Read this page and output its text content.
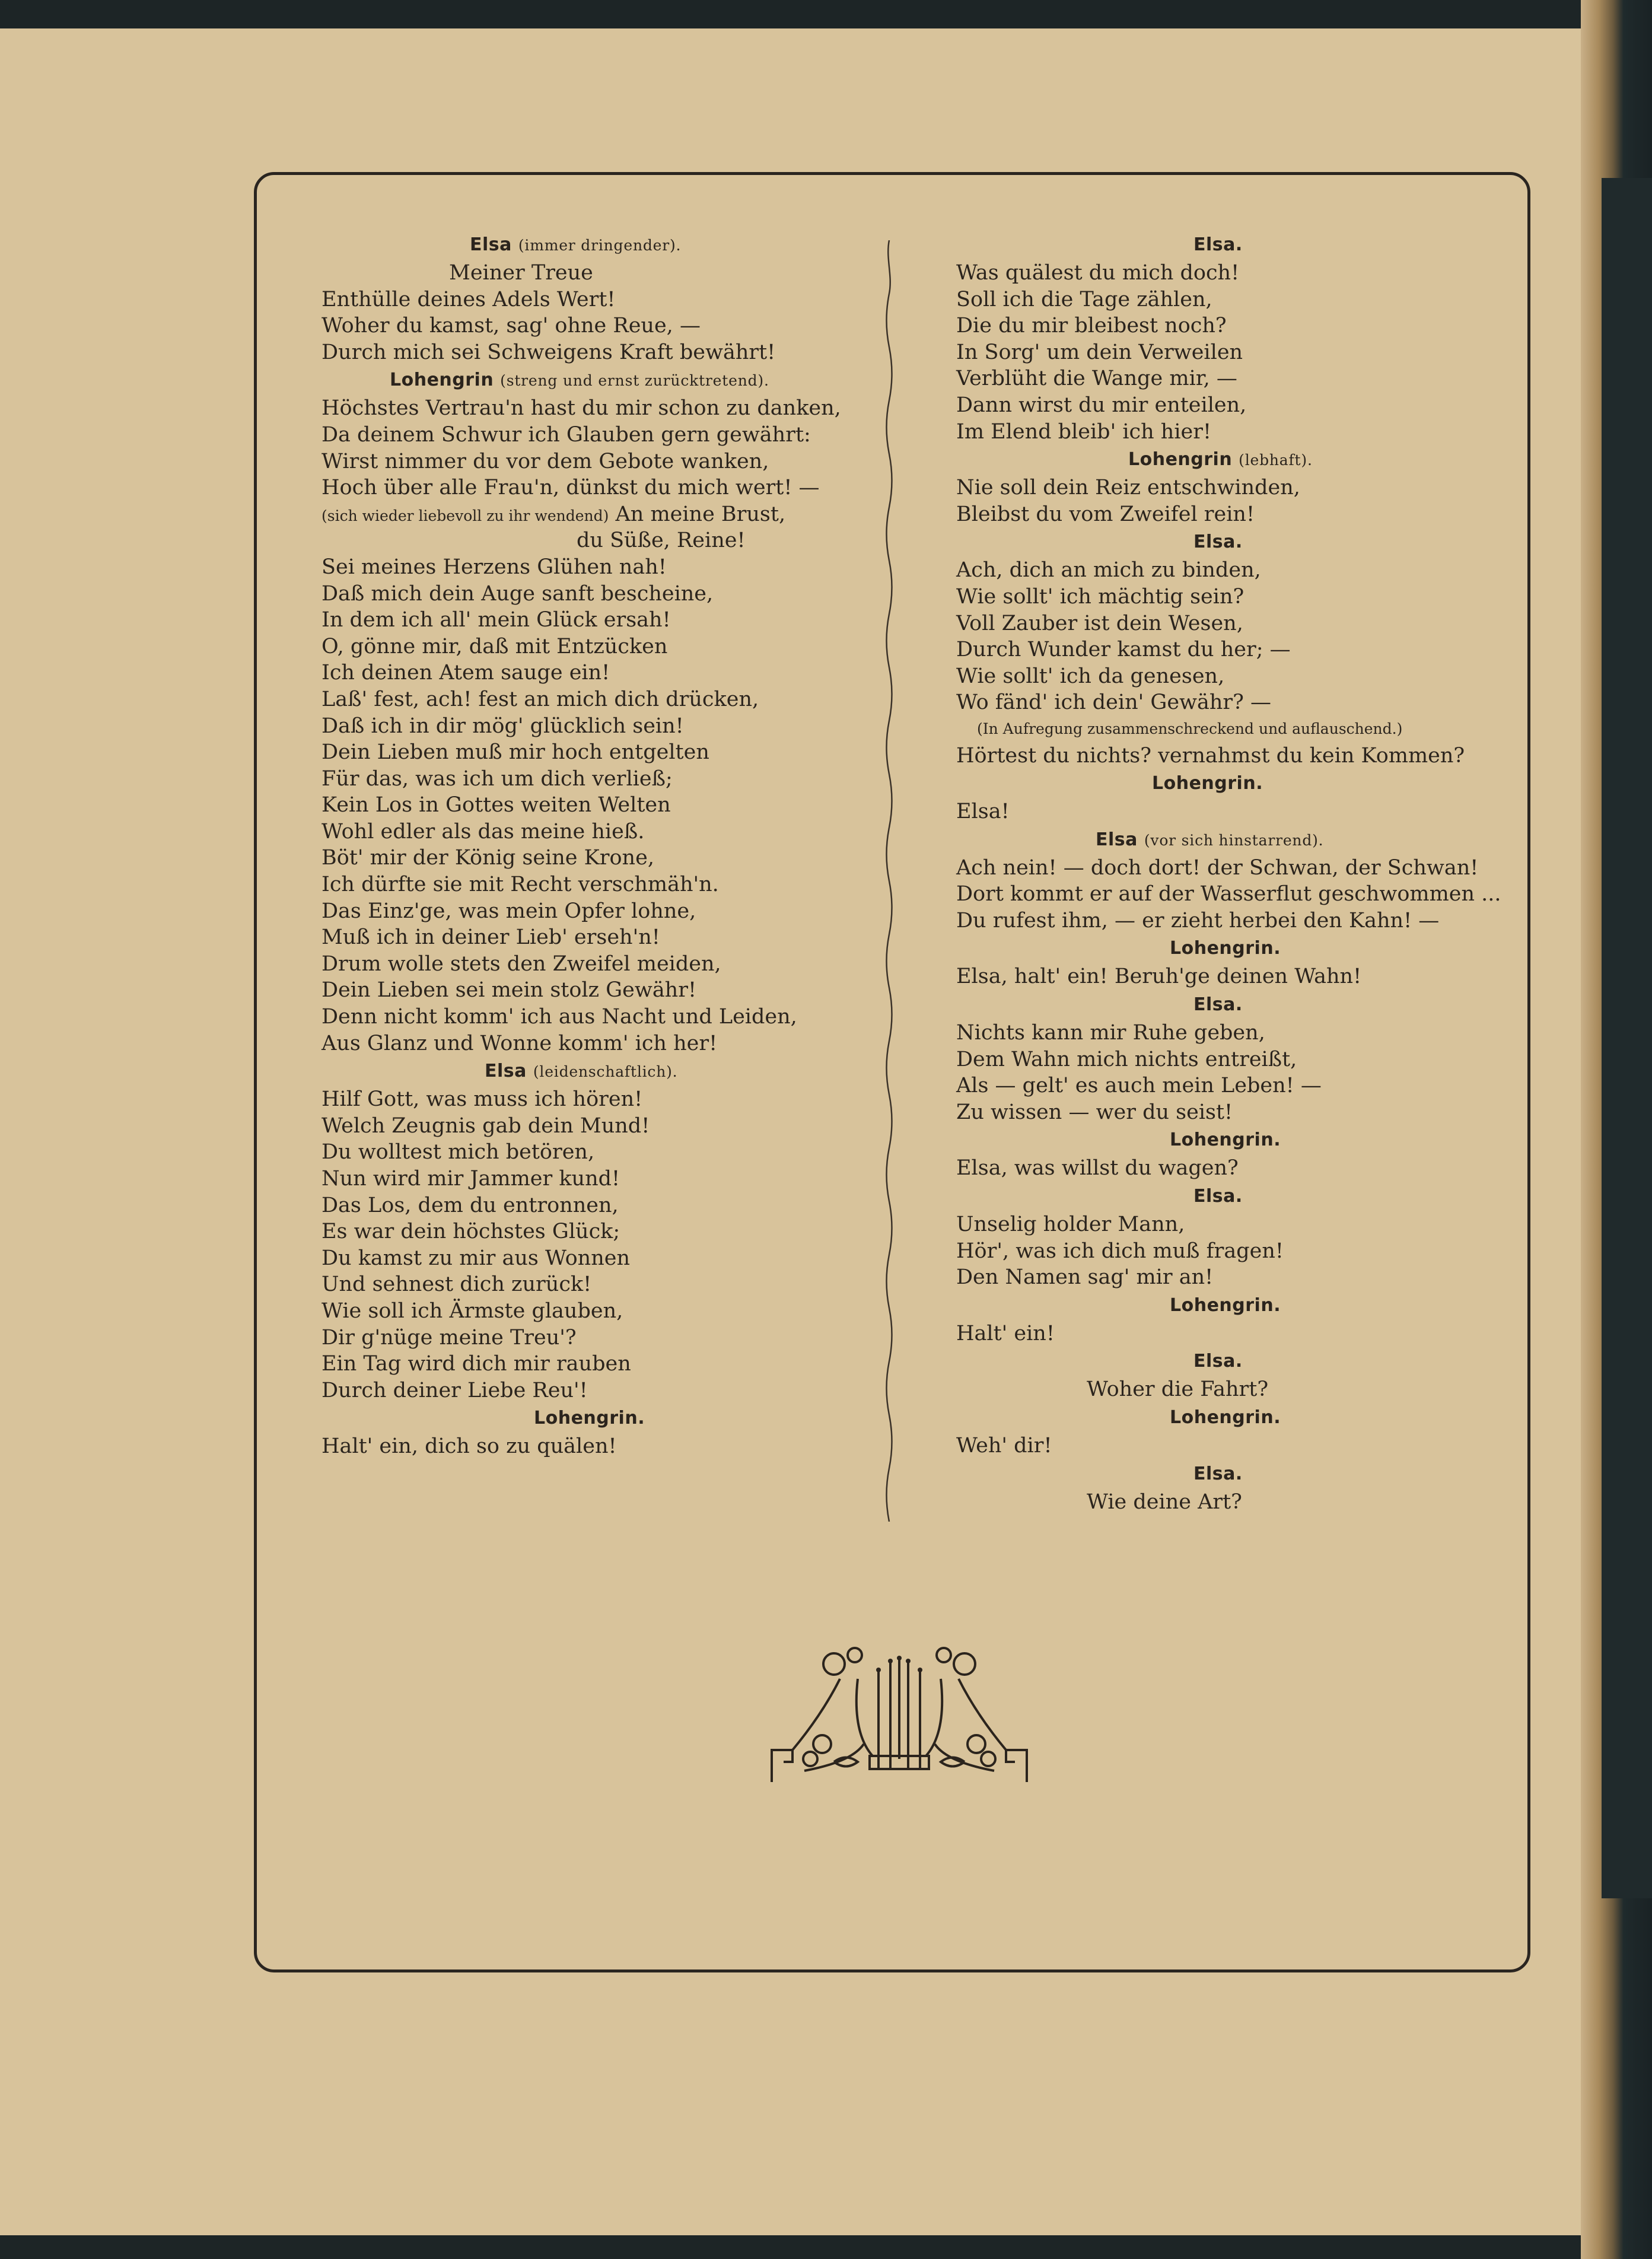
Elsa (immer dringender).
Meiner Treue
Enthülle deines Adels Wert!
Woher du kamst, sag' ohne Reue, —
Durch mich sei Schweigens Kraft bewährt!
Lohengrin (streng und ernst zurücktretend).
Höchstes Vertrau'n hast du mir schon zu danken,
Da deinem Schwur ich Glauben gern gewährt:
Wirst nimmer du vor dem Gebote wanken,
Hoch über alle Frau'n, dünkst du mich wert! —
(sich wieder liebevoll zu ihr wendend) An meine Brust,
du Süße, Reine!
Sei meines Herzens Glühen nah!
Daß mich dein Auge sanft bescheine,
In dem ich all' mein Glück ersah!
O, gönne mir, daß mit Entzücken
Ich deinen Atem sauge ein!
Laß' fest, ach! fest an mich dich drücken,
Daß ich in dir mög' glücklich sein!
Dein Lieben muß mir hoch entgelten
Für das, was ich um dich verließ;
Kein Los in Gottes weiten Welten
Wohl edler als das meine hieß.
Böt' mir der König seine Krone,
Ich dürfte sie mit Recht verschmäh'n.
Das Einz'ge, was mein Opfer lohne,
Muß ich in deiner Lieb' erseh'n!
Drum wolle stets den Zweifel meiden,
Dein Lieben sei mein stolz Gewähr!
Denn nicht komm' ich aus Nacht und Leiden,
Aus Glanz und Wonne komm' ich her!
Elsa (leidenschaftlich).
Hilf Gott, was muss ich hören!
Welch Zeugnis gab dein Mund!
Du wolltest mich betören,
Nun wird mir Jammer kund!
Das Los, dem du entronnen,
Es war dein höchstes Glück;
Du kamst zu mir aus Wonnen
Und sehnest dich zurück!
Wie soll ich Ärmste glauben,
Dir g'nüge meine Treu'?
Ein Tag wird dich mir rauben
Durch deiner Liebe Reu'!
Lohengrin.
Halt' ein, dich so zu quälen!
Elsa.
Was quälest du mich doch!
Soll ich die Tage zählen,
Die du mir bleibest noch?
In Sorg' um dein Verweilen
Verblüht die Wange mir, —
Dann wirst du mir enteilen,
Im Elend bleib' ich hier!
Lohengrin (lebhaft).
Nie soll dein Reiz entschwinden,
Bleibst du vom Zweifel rein!
Elsa.
Ach, dich an mich zu binden,
Wie sollt' ich mächtig sein?
Voll Zauber ist dein Wesen,
Durch Wunder kamst du her; —
Wie sollt' ich da genesen,
Wo fänd' ich dein' Gewähr? —
(In Aufregung zusammenschreckend und auflauschend.)
Hörtest du nichts? vernahmst du kein Kommen?
Lohengrin.
Elsa!
Elsa (vor sich hinstarrend).
Ach nein! — doch dort! der Schwan, der Schwan!
Dort kommt er auf der Wasserflut geschwommen ...
Du rufest ihm, — er zieht herbei den Kahn! —
Lohengrin.
Elsa, halt' ein! Beruh'ge deinen Wahn!
Elsa.
Nichts kann mir Ruhe geben,
Dem Wahn mich nichts entreißt,
Als — gelt' es auch mein Leben! —
Zu wissen — wer du seist!
Lohengrin.
Elsa, was willst du wagen?
Elsa.
Unselig holder Mann,
Hör', was ich dich muß fragen!
Den Namen sag' mir an!
Lohengrin.
Halt' ein!
Elsa.
Woher die Fahrt?
Lohengrin.
Weh' dir!
Elsa.
Wie deine Art?
